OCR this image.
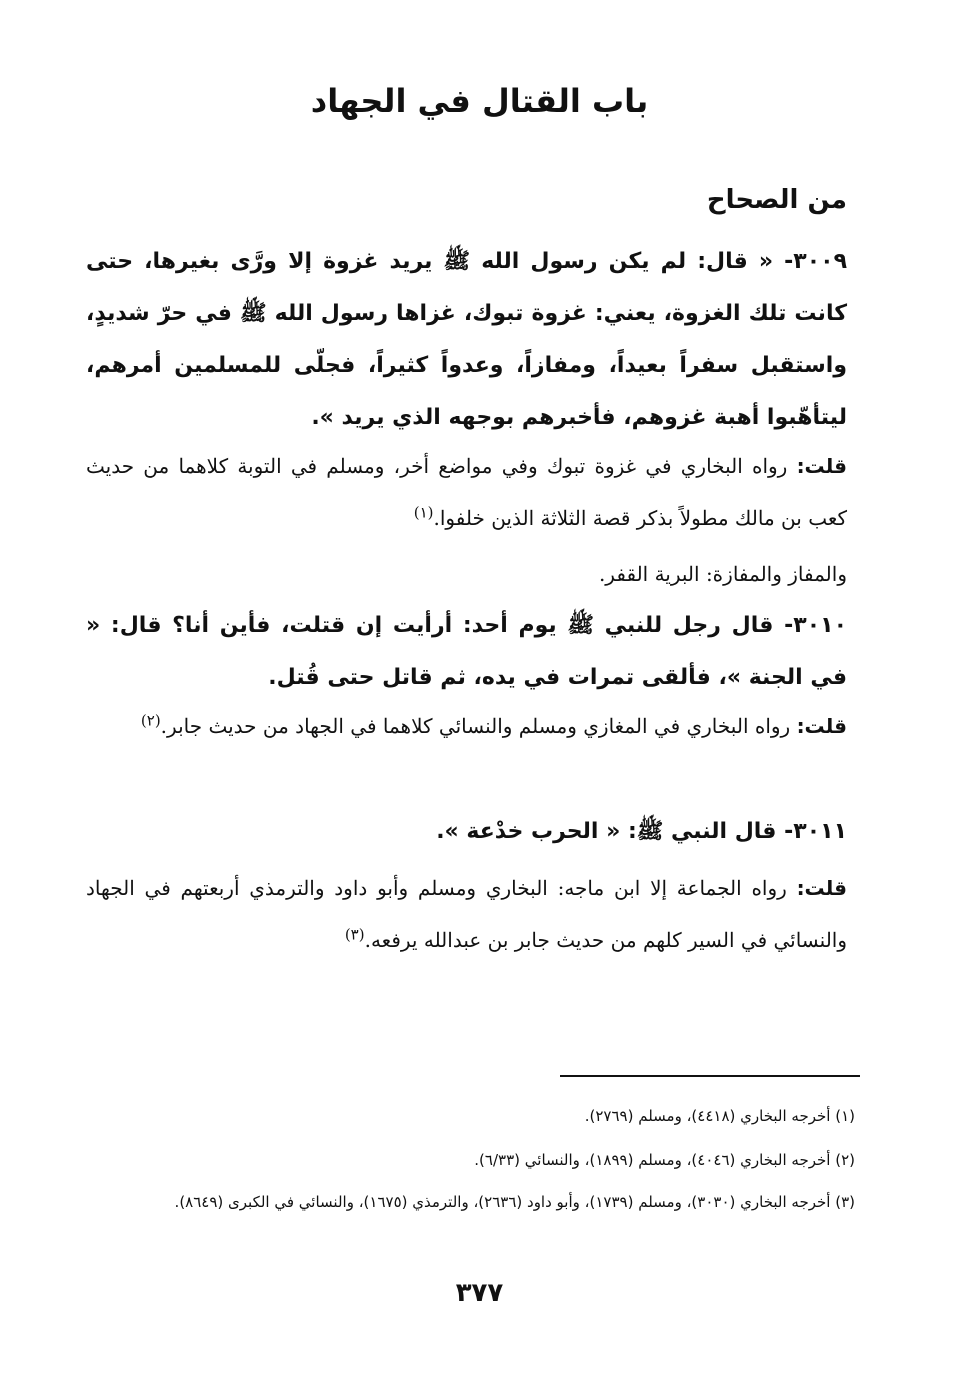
باب القتال في الجهاد
من الصحاح
٣٠٠٩- « قال: لم يكن رسول الله ﷺ يريد غزوة إلا ورَّى بغيرها، حتى كانت تلك الغزوة، يعني: غزوة تبوك، غزاها رسول الله ﷺ في حرّ شديدٍ، واستقبل سفراً بعيداً، ومفازاً، وعدواً كثيراً، فجلّى للمسلمين أمرهم، ليتأهّبوا أهبة غزوهم، فأخبرهم بوجهه الذي يريد ».
قلت: رواه البخاري في غزوة تبوك وفي مواضع أخر، ومسلم في التوبة كلاهما من حديث كعب بن مالك مطولاً بذكر قصة الثلاثة الذين خلفوا.$^{(١)}$
والمفاز والمفازة: البرية القفر.
٣٠١٠- قال رجل للنبي ﷺ يوم أحد: أرأيت إن قتلت، فأين أنا؟ قال: « في الجنة »، فألقى تمرات في يده، ثم قاتل حتى قُتل.
قلت: رواه البخاري في المغازي ومسلم والنسائي كلاهما في الجهاد من حديث جابر.$^{(٢)}$
٣٠١١- قال النبي ﷺ: « الحرب خدْعة ».
قلت: رواه الجماعة إلا ابن ماجه: البخاري ومسلم وأبو داود والترمذي أربعتهم في الجهاد والنسائي في السير كلهم من حديث جابر بن عبدالله يرفعه.$^{(٣)}$
(١) أخرجه البخاري (٤٤١٨)، ومسلم (٢٧٦٩).
(٢) أخرجه البخاري (٤٠٤٦)، ومسلم (١٨٩٩)، والنسائي (٦/٣٣).
(٣) أخرجه البخاري (٣٠٣٠)، ومسلم (١٧٣٩)، وأبو داود (٢٦٣٦)، والترمذي (١٦٧٥)، والنسائي في الكبرى (٨٦٤٩).
٣٧٧
